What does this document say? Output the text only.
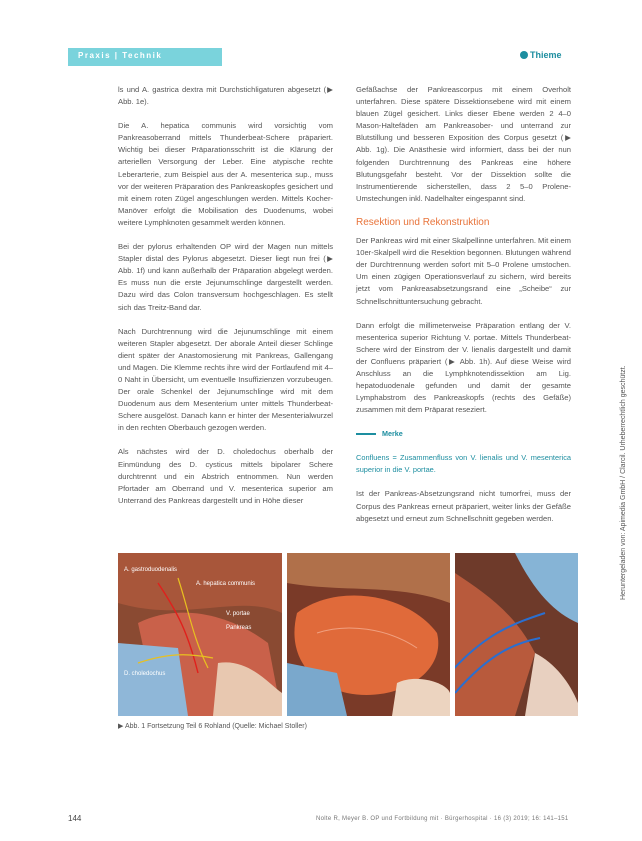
Praxis | Technik	Thieme

ls und A. gastrica dextra mit Durchstichligaturen abgesetzt (▶ Abb. 1e).

Die A. hepatica communis wird vorsichtig vom Pankreasoberrand mittels Thunderbeat-Schere präpariert. Wichtig bei dieser Präparationsschritt ist die Klärung der arteriellen Versorgung der Leber. Eine atypische rechte Leberarterie, zum Beispiel aus der A. mesenterica sup., muss vor der weiteren Präparation des Pankreaskopfes gesichert und mit einem roten Zügel angeschlungen werden. Mittels Kocher-Manöver erfolgt die Mobilisation des Duodenums, wobei weitere Lymphknoten gesammelt werden können.

Bei der pylorus erhaltenden OP wird der Magen nun mittels Stapler distal des Pylorus abgesetzt. Dieser liegt nun frei (▶ Abb. 1f) und kann außerhalb der Präparation abgelegt werden. Es muss nun die erste Jejunumschlinge dargestellt werden. Dazu wird das Colon transversum hochgeschlagen. Es stellt sich das Treitz-Band dar.

Nach Durchtrennung wird die Jejunumschlinge mit einem weiteren Stapler abgesetzt. Der aborale Anteil dieser Schlinge dient später der Anastomosierung mit Pankreas, Gallengang und Magen. Die Klemme rechts ihre wird der Fortlaufend mit 4–0 Naht in Übersicht, um eventuelle Insuffizienzen vorzubeugen. Der orale Schenkel der Jejunumschlinge wird mit dem Duodenum aus dem Mesenterium unter mittels Thunderbeat-Schere ausgelöst. Danach kann er hinter der Mesenterialwurzel in den rechten Oberbauch gezogen werden.

Als nächstes wird der D. choledochus oberhalb der Einmündung des D. cysticus mittels bipolarer Schere durchtrennt und ein Abstrich entnommen. Nun werden Pfortader am Oberrand und V. mesenterica superior am Unterrand des Pankreas dargestellt und in Höhe dieser

Gefäßachse der Pankreascorpus mit einem Overholt unterfahren. Diese spätere Dissektionsebene wird mit einem blauen Zügel gesichert. Links dieser Ebene werden 2 4–0 Mason-Haltefäden am Pankreasober- und unterrand zur Blutstillung und besseren Exposition des Corpus gesetzt (▶ Abb. 1g). Die Anästhesie wird informiert, dass bei der nun folgenden Durchtrennung des Pankreas eine höhere Blutungsgefahr besteht. Vor der Dissektion sollte die Instrumentierende sicherstellen, dass 2 5–0 Prolene-Umstechungen inkl. Nadelhalter eingespannt sind.

Resektion und Rekonstruktion

Der Pankreas wird mit einer Skalpellinne unterfahren. Mit einem 10er-Skalpell wird die Resektion begonnen. Blutungen während der Durchtrennung werden sofort mit 5–0 Prolene umstochen. Um einen zügigen Operationsverlauf zu sichern, wird bereits jetzt vom Pankreasabsetzungsrand eine „Scheibe“ zur Schnellschnittuntersuchung gebracht.

Dann erfolgt die millimeterweise Präparation entlang der V. mesenterica superior Richtung V. portae. Mittels Thunderbeat-Schere wird der Einstrom der V. lienalis dargestellt und damit der Confluens präpariert (▶ Abb. 1h). Auf diese Weise wird Anschluss an die Lymphknotendissektion am Lig. hepatoduodenale gefunden und damit der gesamte Lymphabstrom des Pankreaskopfs (rechts des Gefäße) zusammen mit dem Präparat reseziert.

Merke

Confluens = Zusammenfluss von V. lienalis und V. mesenterica superior in die V. portae.

Ist der Pankreas-Absetzungsrand nicht tumorfrei, muss der Corpus des Pankreas erneut präpariert, weiter links der Gefäße abgesetzt und erneut zum Schnellschnitt gegeben werden.	Heruntergeladen von: Apimedia GmbH / Clarcil. Urheberrechtlich geschützt.
A. gastroduodenalis
A. hepatica communis
V. portae
Pankreas
D. choledochus
▶ Abb. 1 Fortsetzung Teil 6 Rohland (Quelle: Michael Stoller)
144	Nolte R, Meyer B. OP und Fortbildung mit · Bürgerhospital · 16 (3) 2019; 16: 141–151
